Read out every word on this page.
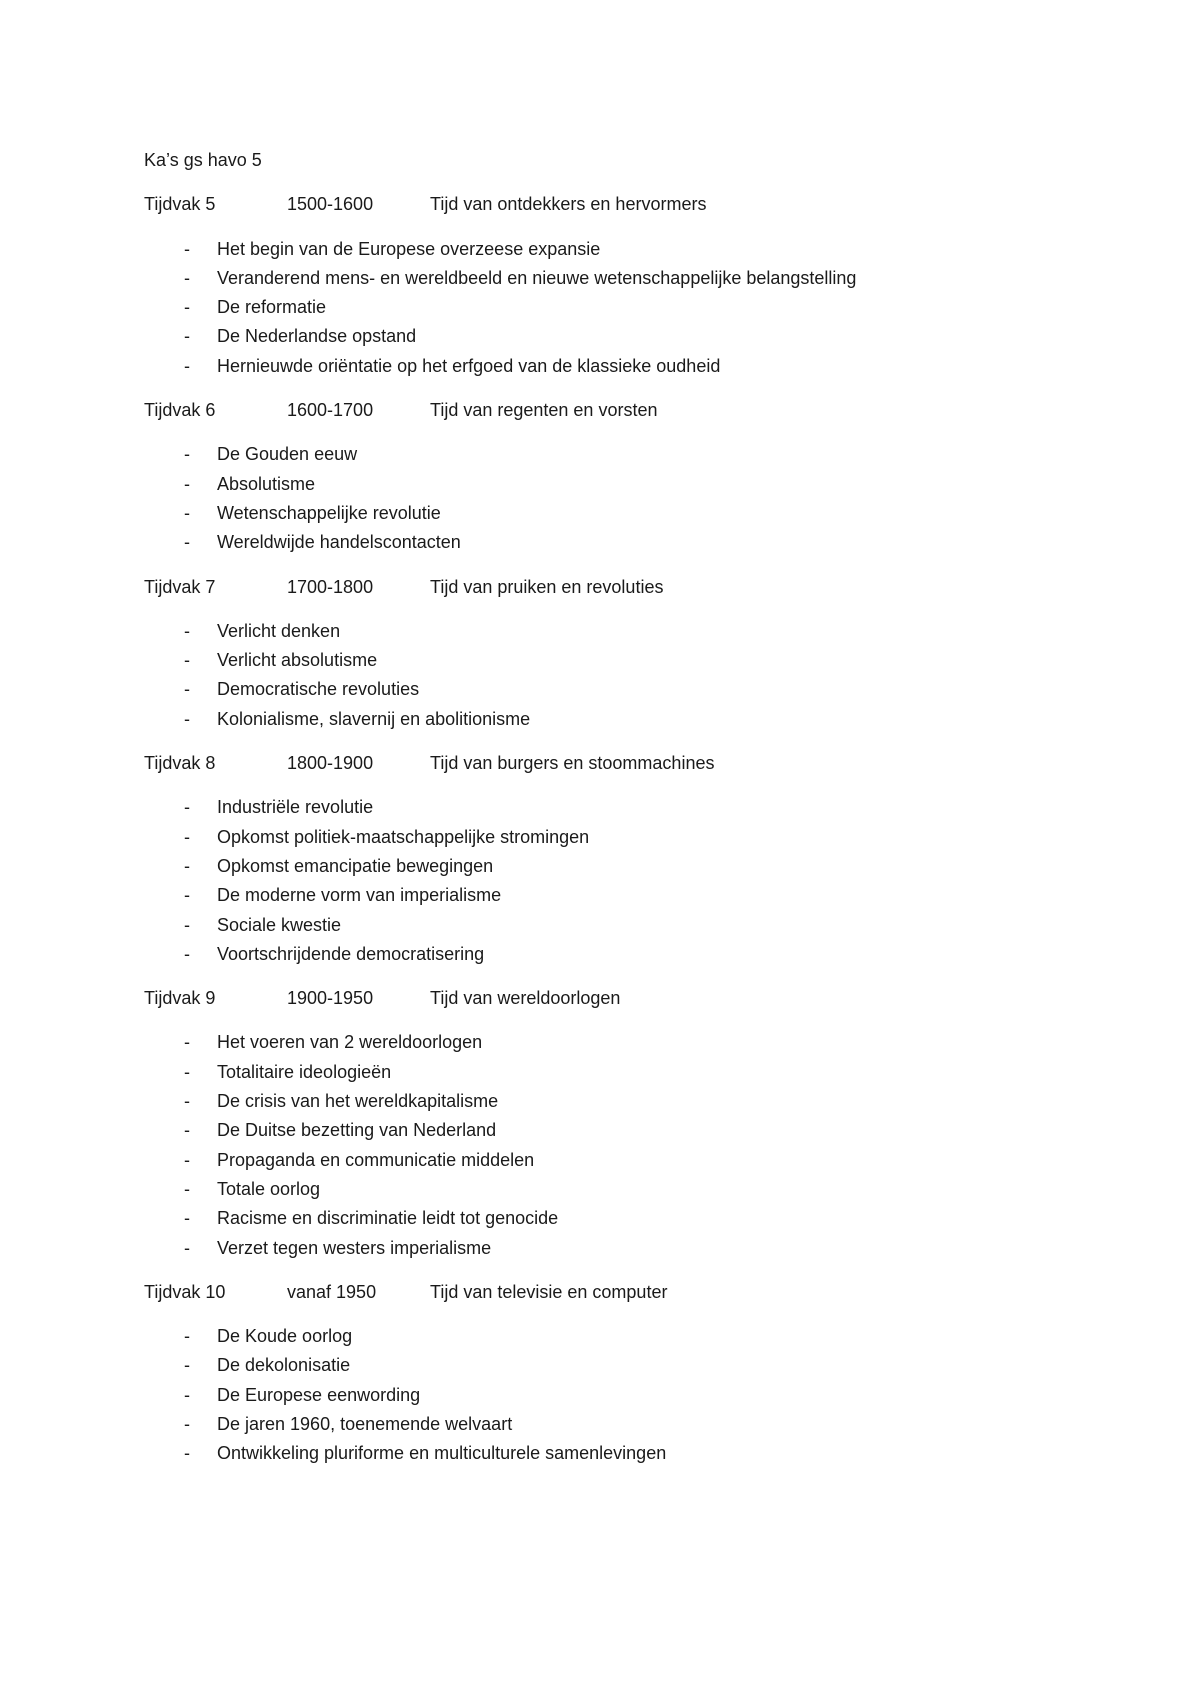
Ka’s gs havo 5
Tijdvak 5	1500-1600	Tijd van ontdekkers en hervormers
-	Het begin van de Europese overzeese expansie
-	Veranderend mens- en wereldbeeld en nieuwe wetenschappelijke belangstelling
-	De reformatie
-	De Nederlandse opstand
-	Hernieuwde oriëntatie op het erfgoed van de klassieke oudheid
Tijdvak 6	1600-1700	Tijd van regenten en vorsten
-	De Gouden eeuw
-	Absolutisme
-	Wetenschappelijke revolutie
-	Wereldwijde handelscontacten
Tijdvak 7	1700-1800	Tijd van pruiken en revoluties
-	Verlicht denken
-	Verlicht absolutisme
-	Democratische revoluties
-	Kolonialisme, slavernij en abolitionisme
Tijdvak 8	1800-1900	Tijd van burgers en stoommachines
-	Industriële revolutie
-	Opkomst politiek-maatschappelijke stromingen
-	Opkomst emancipatie bewegingen
-	De moderne vorm van imperialisme
-	Sociale kwestie
-	Voortschrijdende democratisering
Tijdvak 9	1900-1950	Tijd van wereldoorlogen
-	Het voeren van 2 wereldoorlogen
-	Totalitaire ideologieën
-	De crisis van het wereldkapitalisme
-	De Duitse bezetting van Nederland
-	Propaganda en communicatie middelen
-	Totale oorlog
-	Racisme en discriminatie leidt tot genocide
-	Verzet tegen westers imperialisme
Tijdvak 10	vanaf 1950	Tijd van televisie en computer
-	De Koude oorlog
-	De dekolonisatie
-	De Europese eenwording
-	De jaren 1960, toenemende welvaart
-	Ontwikkeling pluriforme en multiculturele samenlevingen
